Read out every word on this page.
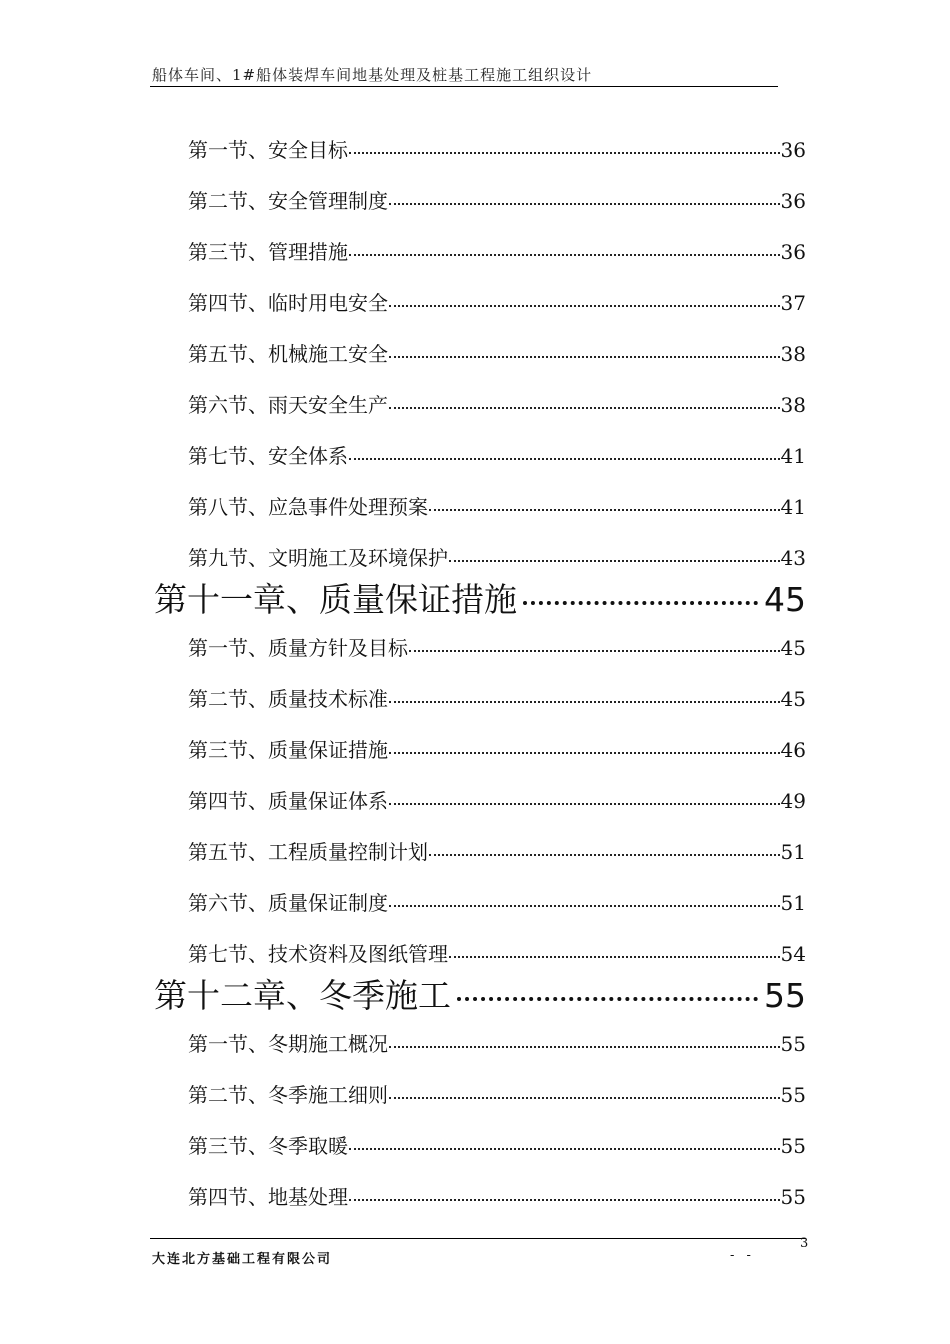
船体车间、1#船体装焊车间地基处理及桩基工程施工组织设计
第一节、安全目标	36
第二节、安全管理制度	36
第三节、管理措施	36
第四节、临时用电安全	37
第五节、机械施工安全	38
第六节、雨天安全生产	38
第七节、安全体系	41
第八节、应急事件处理预案	41
第九节、文明施工及环境保护	43
第十一章、质量保证措施	45
第一节、质量方针及目标	45
第二节、质量技术标准	45
第三节、质量保证措施	46
第四节、质量保证体系	49
第五节、工程质量控制计划	51
第六节、质量保证制度	51
第七节、技术资料及图纸管理	54
第十二章、冬季施工	55
第一节、冬期施工概况	55
第二节、冬季施工细则	55
第三节、冬季取暖	55
第四节、地基处理	55
大连北方基础工程有限公司	- -
3
